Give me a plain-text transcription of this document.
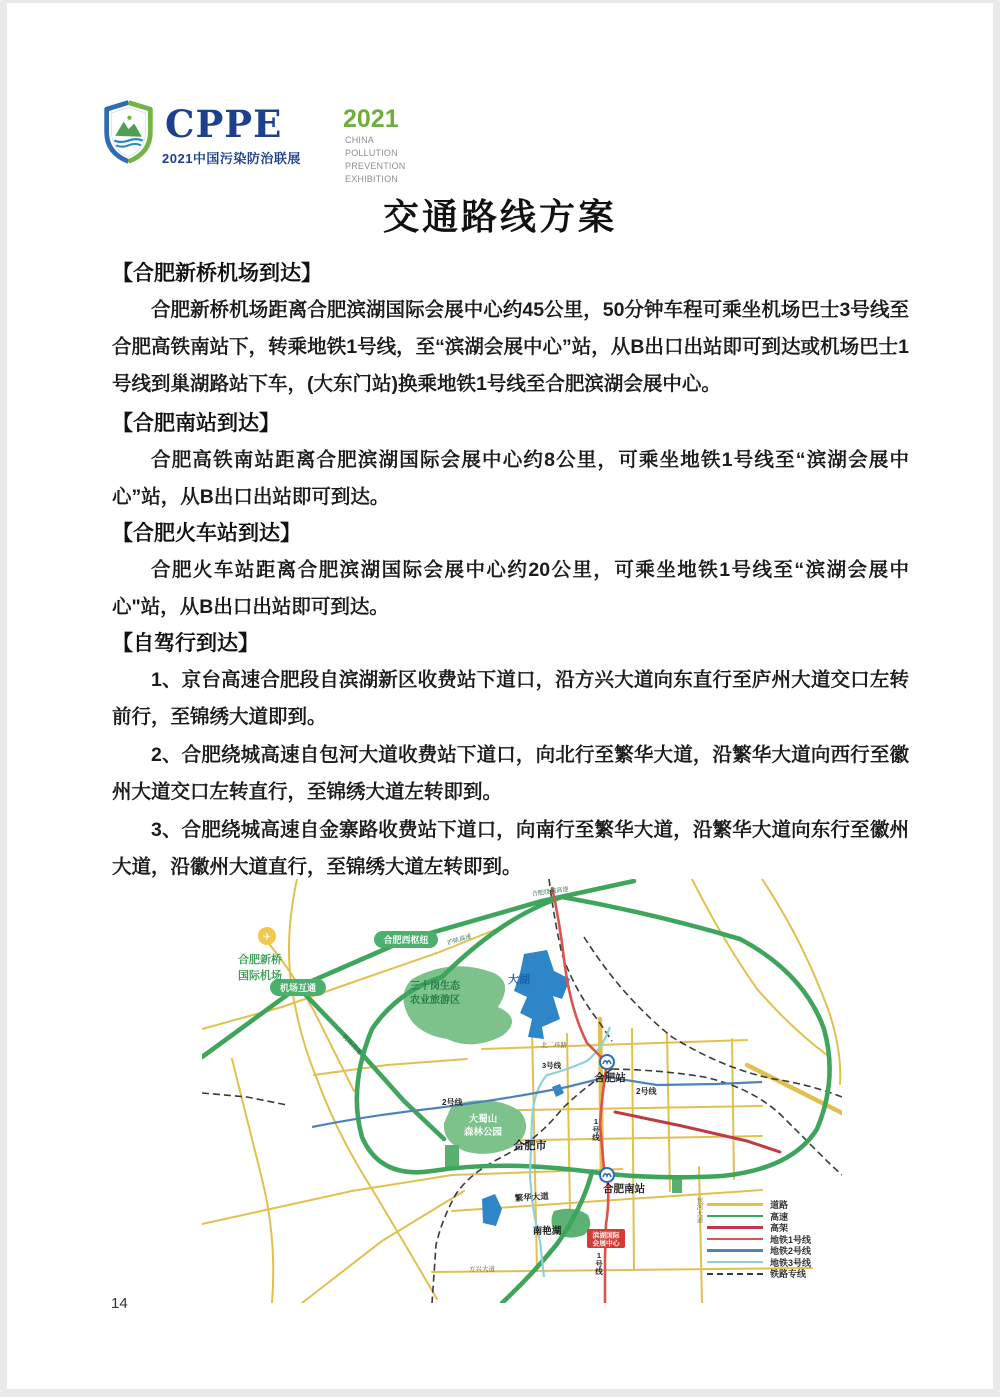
CPPE
2021中国污染防治联展
2021
CHINA POLLUTION
PREVENTION EXHIBITION
交通路线方案
【合肥新桥机场到达】
合肥新桥机场距离合肥滨湖国际会展中心约45公里，50分钟车程可乘坐机场巴士3号线至合肥高铁南站下，转乘地铁1号线，至“滨湖会展中心”站，从B出口出站即可到达或机场巴士1号线到巢湖路站下车，(大东门站)换乘地铁1号线至合肥滨湖会展中心。
【合肥南站到达】
合肥高铁南站距离合肥滨湖国际会展中心约8公里，可乘坐地铁1号线至“滨湖会展中心”站，从B出口出站即可到达。
【合肥火车站到达】
合肥火车站距离合肥滨湖国际会展中心约20公里，可乘坐地铁1号线至“滨湖会展中心"站，从B出口出站即可到达。
【自驾行到达】
1、京台高速合肥段自滨湖新区收费站下道口，沿方兴大道向东直行至庐州大道交口左转前行，至锦绣大道即到。
2、合肥绕城高速自包河大道收费站下道口，向北行至繁华大道，沿繁华大道向西行至徽州大道交口左转直行，至锦绣大道左转即到。
3、合肥绕城高速自金寨路收费站下道口，向南行至繁华大道，沿繁华大道向东行至徽州大道，沿徽州大道直行，至锦绣大道左转即到。
合肥西枢纽
机场互通
✈
合肥新桥
国际机场
三十岗生态
农业旅游区
大湖
大蜀山
森林公园
合肥站
合肥南站
合肥市
南艳湖	滨湖国际
会展中心
北二环路
繁华大道
方兴大道
包河大道
沪陕高速
机场高速
合肥绕城高速
1号线
1号线
2号线
2号线
3号线
道路
高速
高架
地铁1号线
地铁2号线
地铁3号线
铁路专线
14
